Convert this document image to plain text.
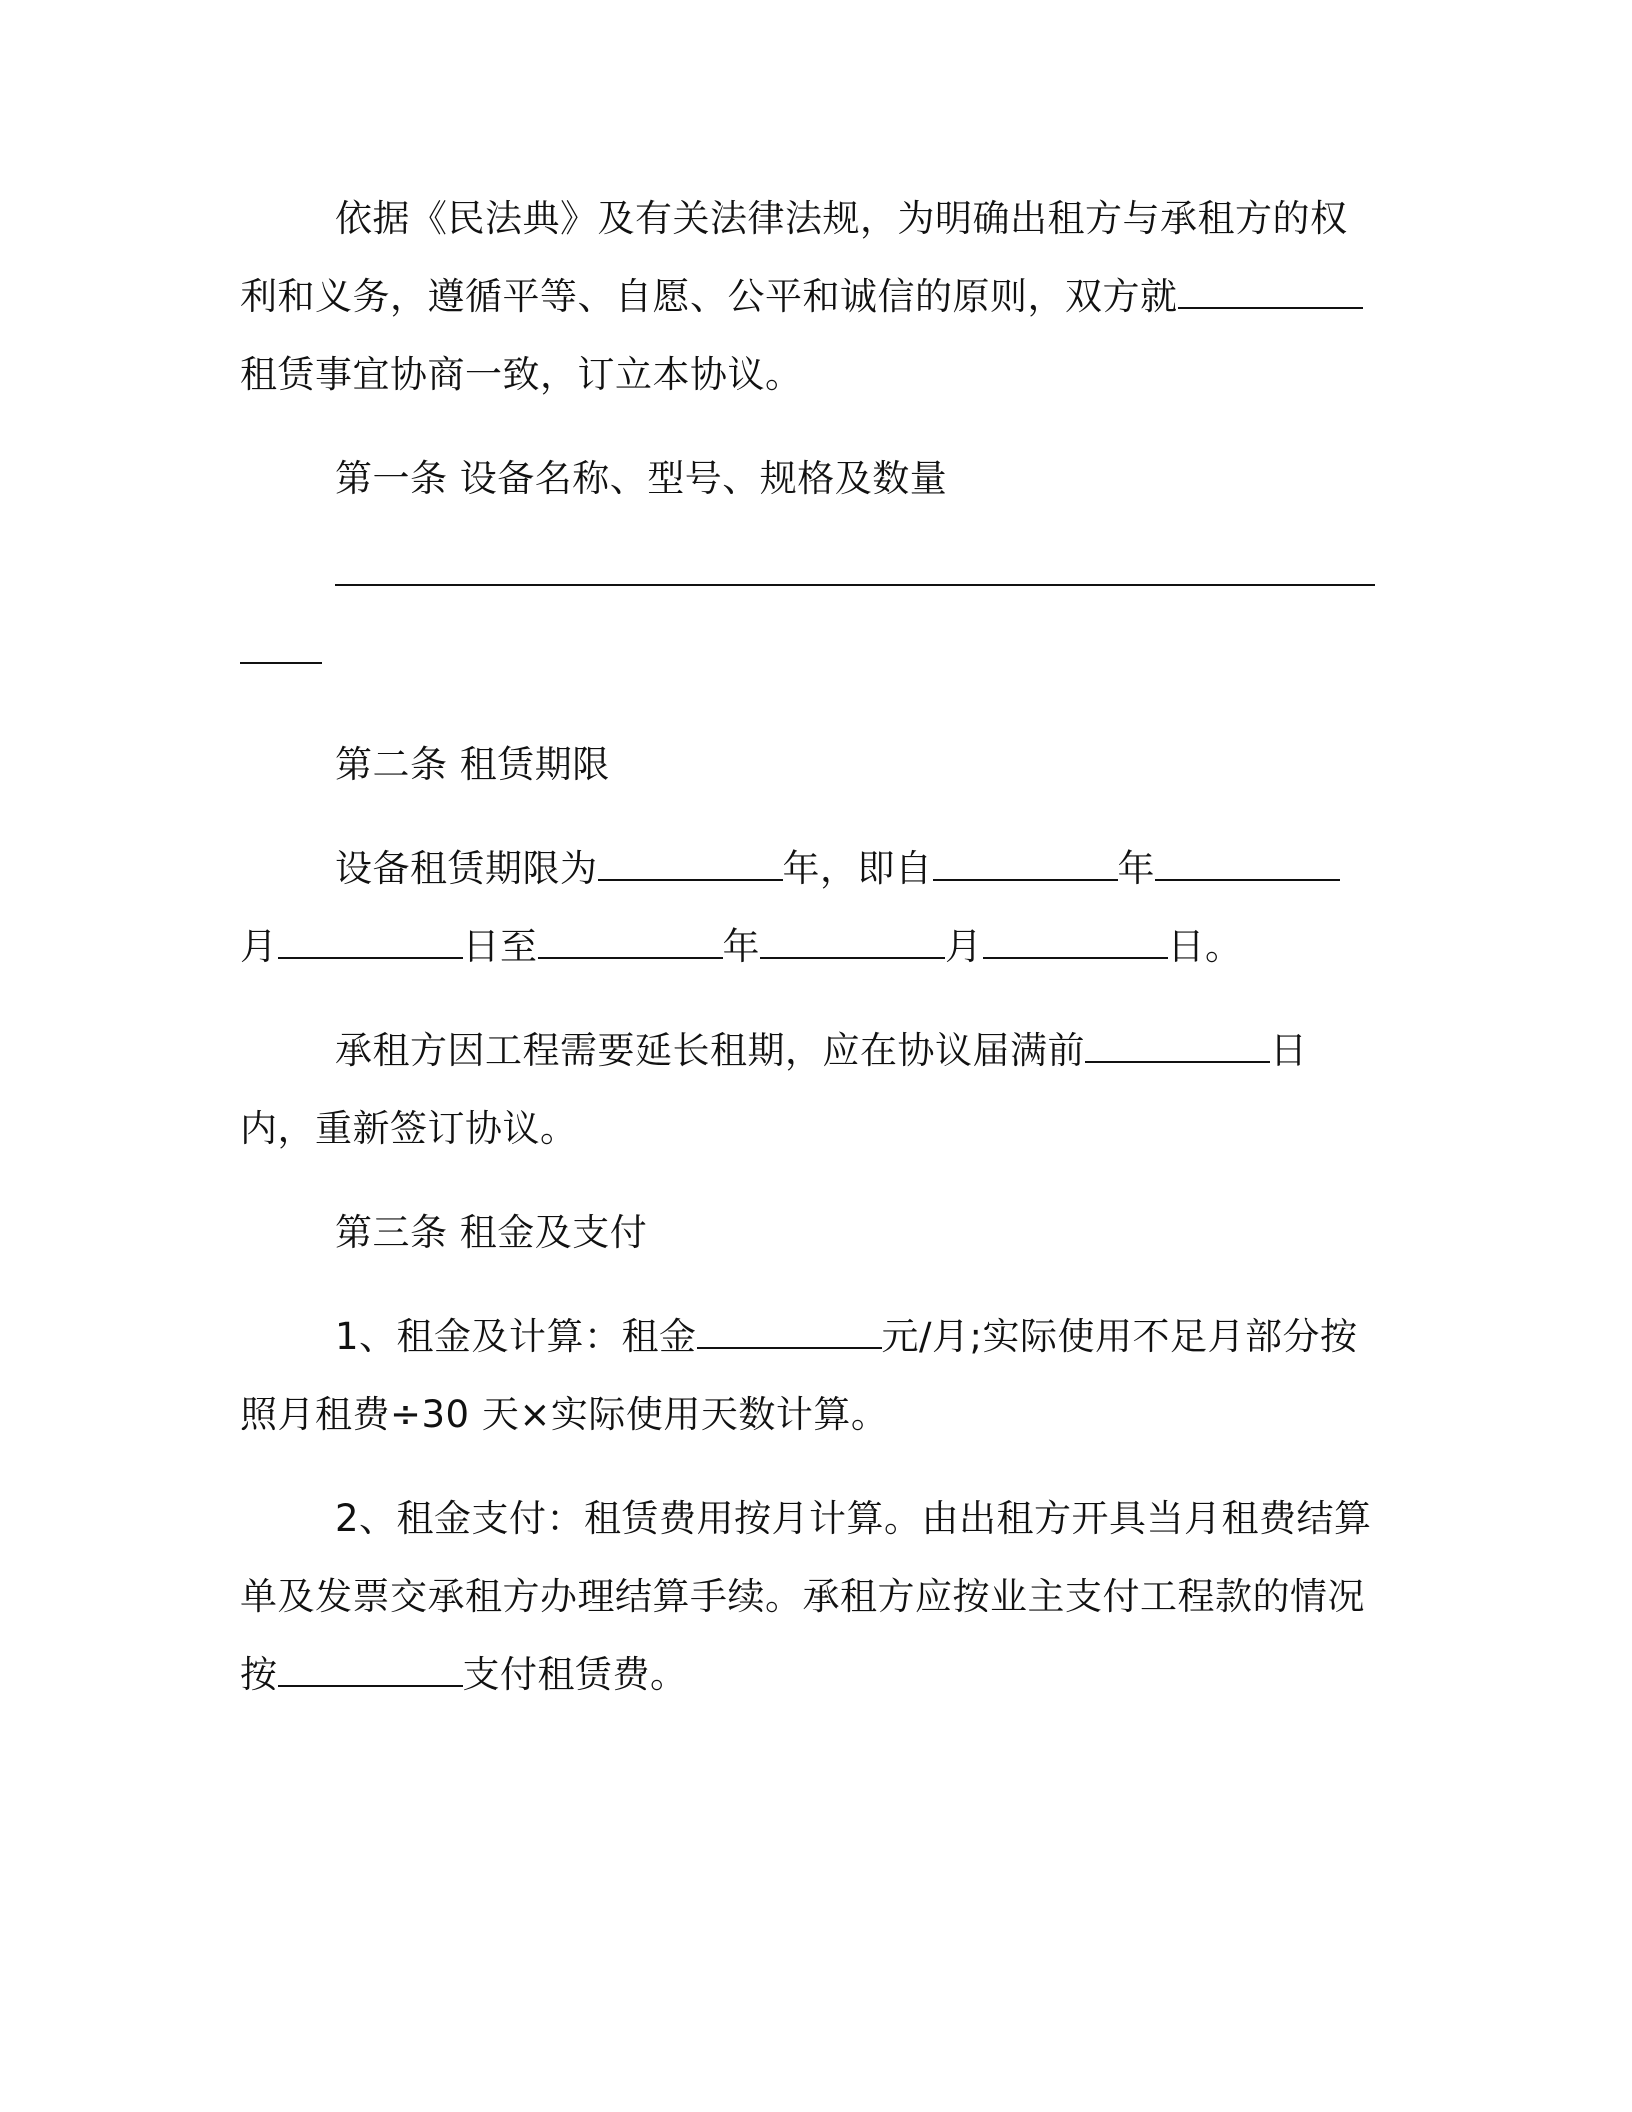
依据《民法典》及有关法律法规，为明确出租方与承租方的权利和义务，遵循平等、自愿、公平和诚信的原则，双方就 租赁事宜协商一致，订立本协议。

第一条 设备名称、型号、规格及数量

第二条 租赁期限

设备租赁期限为	年，即自	年月	日至	年	月	日。

承租方因工程需要延长租期，应在协议届满前	日内，重新签订协议。

第三条 租金及支付

1、租金及计算：租金	元/月;实际使用不足月部分按照月租费÷30 天×实际使用天数计算。

2、租金支付：租赁费用按月计算。由出租方开具当月租费结算单及发票交承租方办理结算手续。承租方应按业主支付工程款的情况按	支付租赁费。
